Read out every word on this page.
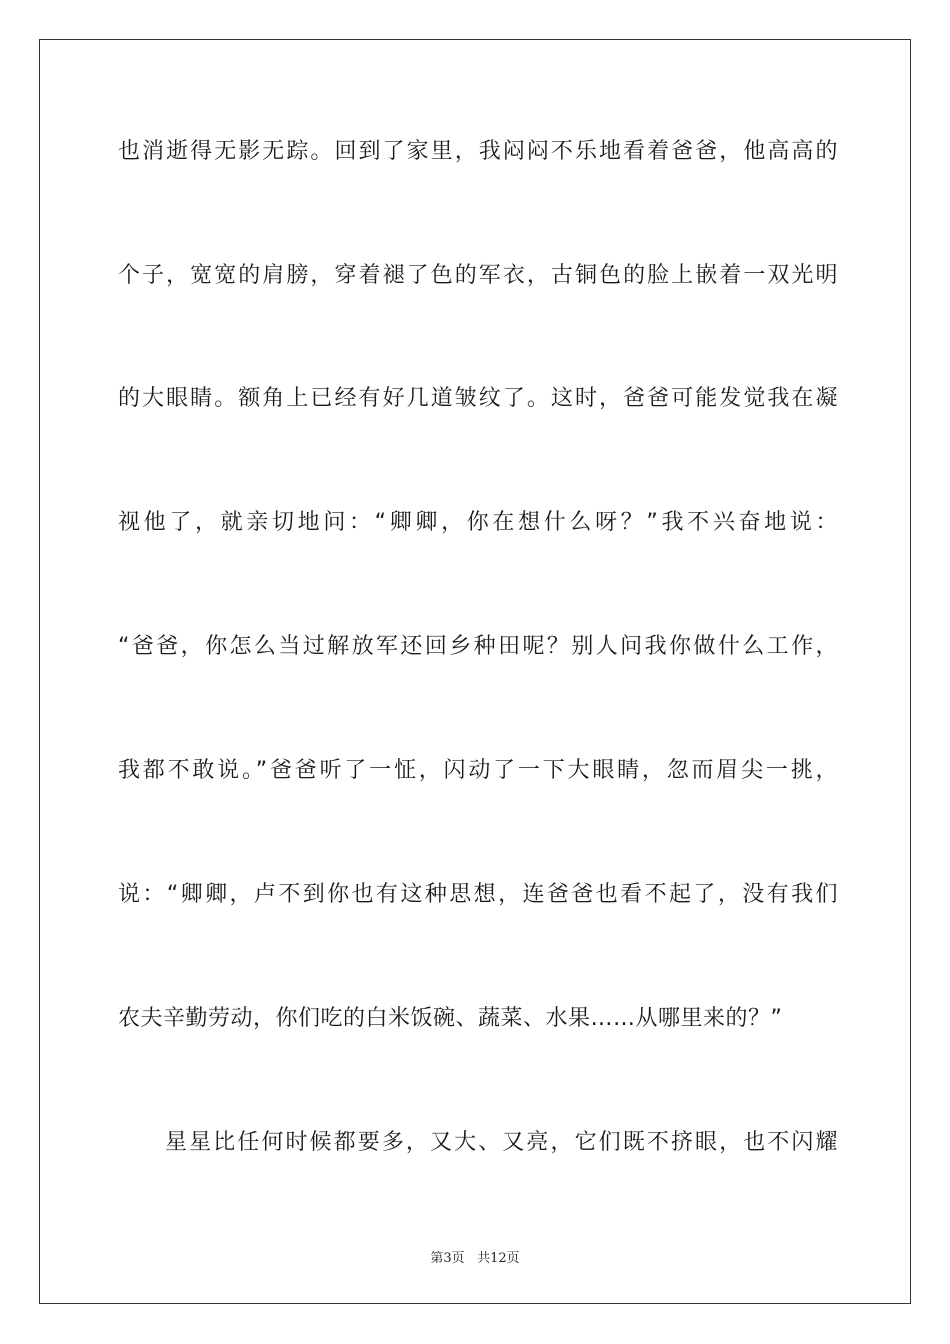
也消逝得无影无踪。回到了家里，我闷闷不乐地看着爸爸，他高高的
个子，宽宽的肩膀，穿着褪了色的军衣，古铜色的脸上嵌着一双光明
的大眼睛。额角上已经有好几道皱纹了。这时，爸爸可能发觉我在凝
视他了，就亲切地问：“卿卿，你在想什么呀？”我不兴奋地说：
“爸爸，你怎么当过解放军还回乡种田呢？别人问我你做什么工作，
我都不敢说。”爸爸听了一怔，闪动了一下大眼睛，忽而眉尖一挑，
说：“卿卿，卢不到你也有这种思想，连爸爸也看不起了，没有我们
农夫辛勤劳动，你们吃的白米饭碗、蔬菜、水果……从哪里来的？”
星星比任何时候都要多，又大、又亮，它们既不挤眼，也不闪耀
第3页 共12页
